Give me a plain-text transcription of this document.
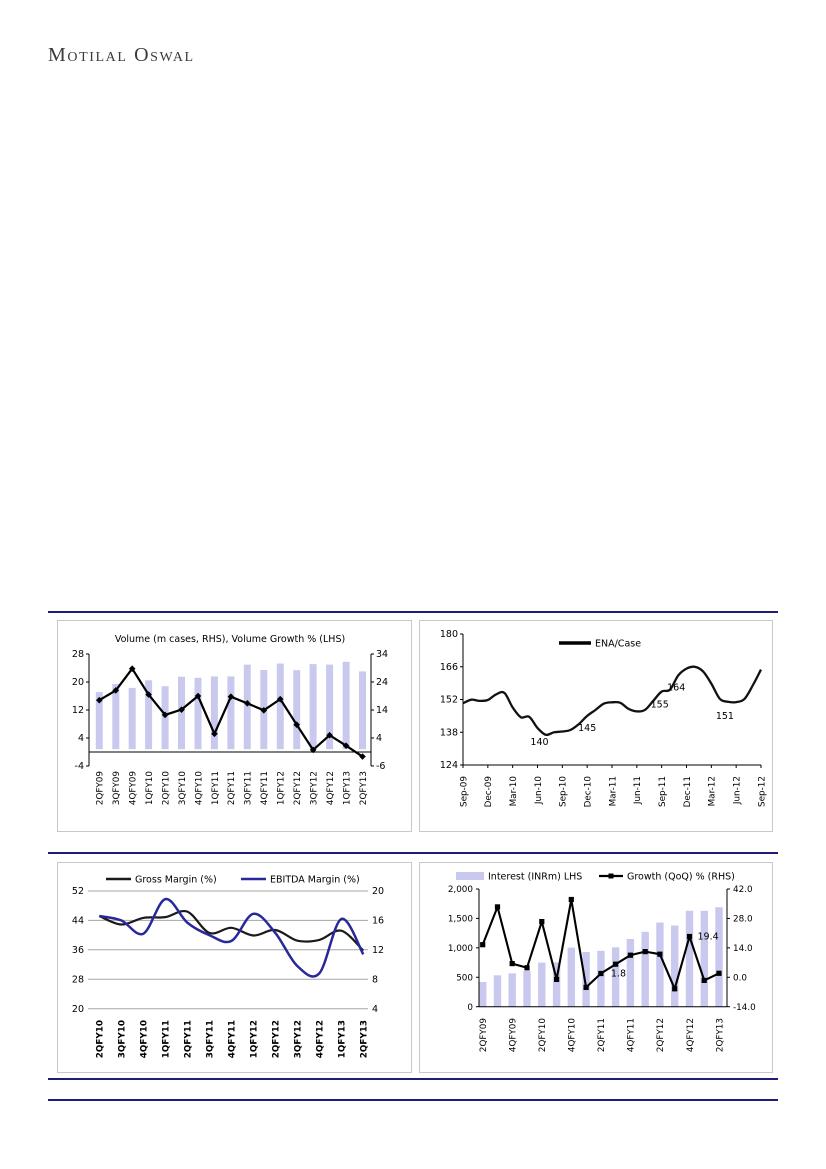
Motilal Oswal
Volume (m cases, RHS), Volume Growth % (LHS)
-4
4
12
20
28
-6
4
14
24
34
2QFY09 3QFY09 4QFY09 1QFY10 2QFY10 3QFY10 4QFY10 1QFY11 2QFY11 3QFY11 4QFY11 1QFY12 2QFY12 3QFY12 4QFY12 1QFY13 2QFY13
124
138
152
166
180
ENA/Case
140
145
155
164
151
Sep-09 Dec-09 Mar-10 Jun-10 Sep-10 Dec-10 Mar-11 Jun-11 Sep-11 Dec-11 Mar-12 Jun-12 Sep-12
20	4
28	8
36	12
44	16
52	20
Gross Margin (%)	EBITDA Margin (%)
2QFY10 3QFY10 4QFY10 1QFY11 2QFY11 3QFY11 4QFY11 1QFY12 2QFY12 3QFY12 4QFY12 1QFY13 2QFY13
0
500
1,000
1,500
2,000
-14.0
0.0
14.0
28.0
42.0
1.8
19.4
Interest (INRm) LHS	Growth (QoQ) % (RHS)
2QFY09 4QFY09 2QFY10 4QFY10 2QFY11 4QFY11 2QFY12 4QFY12 2QFY13
